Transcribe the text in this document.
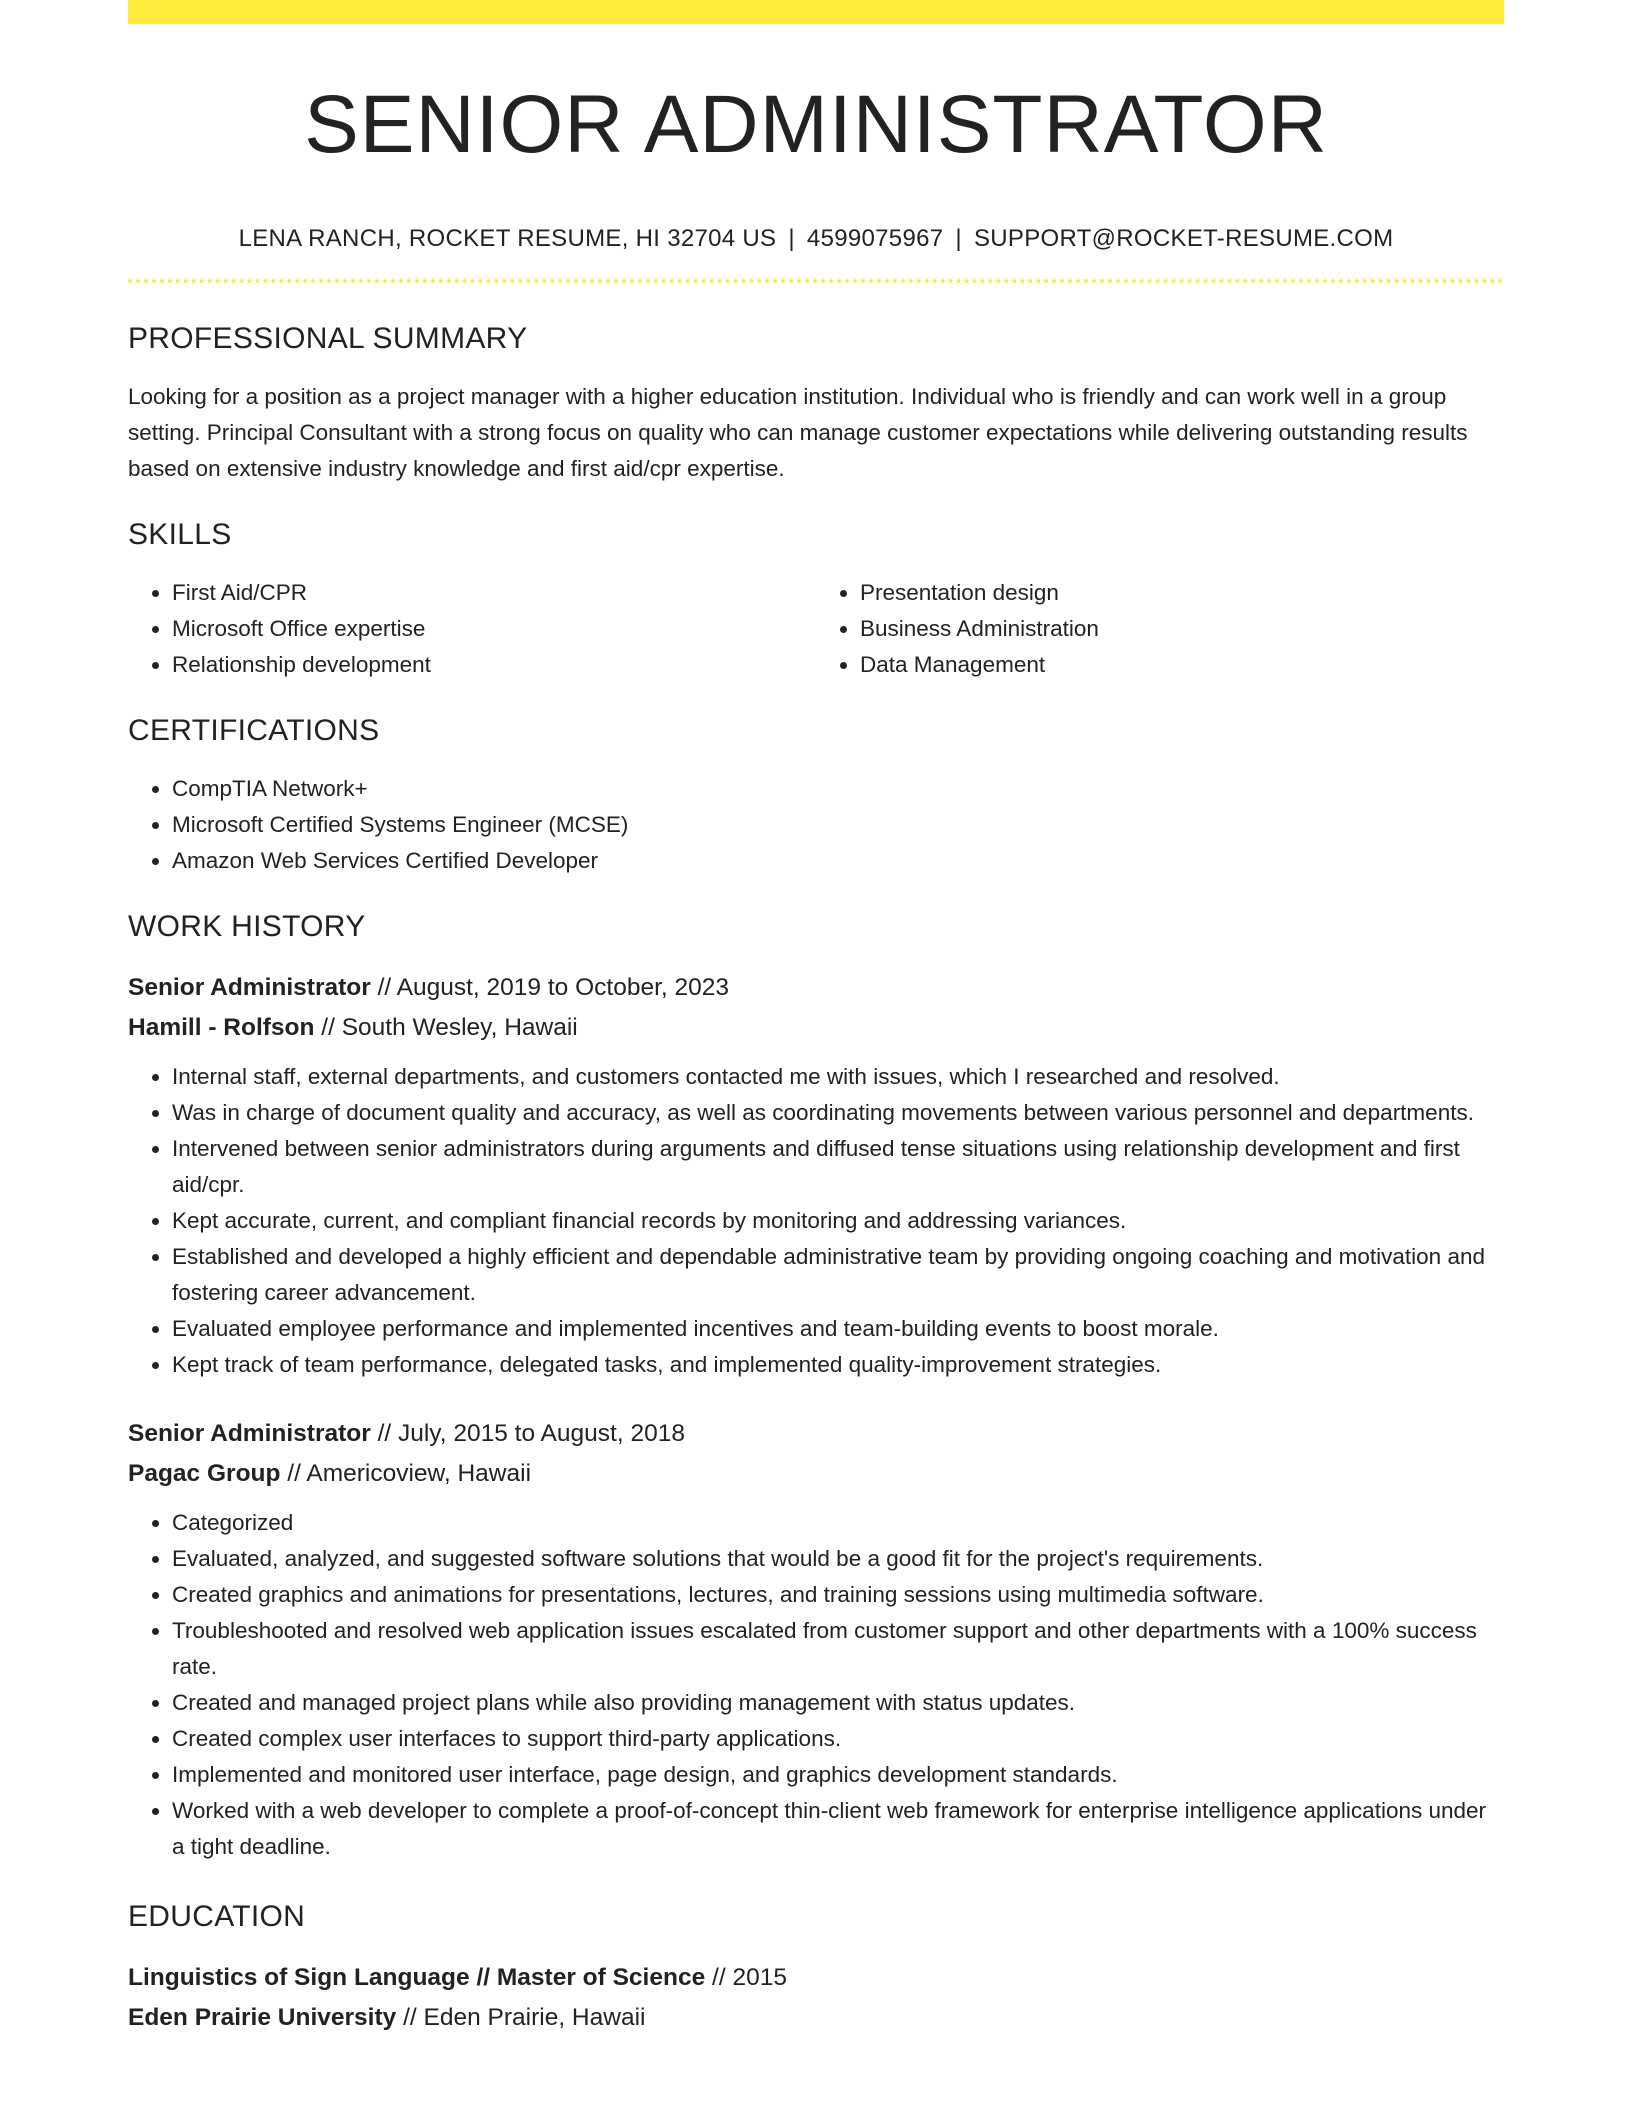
SENIOR ADMINISTRATOR
LENA RANCH, ROCKET RESUME, HI 32704 US | 4599075967 | SUPPORT@ROCKET-RESUME.COM
PROFESSIONAL SUMMARY

Looking for a position as a project manager with a higher education institution. Individual who is friendly and can work well in a group setting. Principal Consultant with a strong focus on quality who can manage customer expectations while delivering outstanding results based on extensive industry knowledge and first aid/cpr expertise.

SKILLS
• First Aid/CPR
• Microsoft Office expertise
• Relationship development
• Presentation design
• Business Administration
• Data Management
CERTIFICATIONS
• CompTIA Network+
• Microsoft Certified Systems Engineer (MCSE)
• Amazon Web Services Certified Developer
WORK HISTORY
Senior Administrator // August, 2019 to October, 2023
Hamill - Rolfson // South Wesley, Hawaii
• Internal staff, external departments, and customers contacted me with issues, which I researched and resolved.
• Was in charge of document quality and accuracy, as well as coordinating movements between various personnel and departments.
• Intervened between senior administrators during arguments and diffused tense situations using relationship development and first aid/cpr.
• Kept accurate, current, and compliant financial records by monitoring and addressing variances.
• Established and developed a highly efficient and dependable administrative team by providing ongoing coaching and motivation and fostering career advancement.
• Evaluated employee performance and implemented incentives and team-building events to boost morale.
• Kept track of team performance, delegated tasks, and implemented quality-improvement strategies.
Senior Administrator // July, 2015 to August, 2018
Pagac Group // Americoview, Hawaii
• Categorized
• Evaluated, analyzed, and suggested software solutions that would be a good fit for the project's requirements.
• Created graphics and animations for presentations, lectures, and training sessions using multimedia software.
• Troubleshooted and resolved web application issues escalated from customer support and other departments with a 100% success rate.
• Created and managed project plans while also providing management with status updates.
• Created complex user interfaces to support third-party applications.
• Implemented and monitored user interface, page design, and graphics development standards.
• Worked with a web developer to complete a proof-of-concept thin-client web framework for enterprise intelligence applications under a tight deadline.
EDUCATION
Linguistics of Sign Language // Master of Science // 2015
Eden Prairie University // Eden Prairie, Hawaii
